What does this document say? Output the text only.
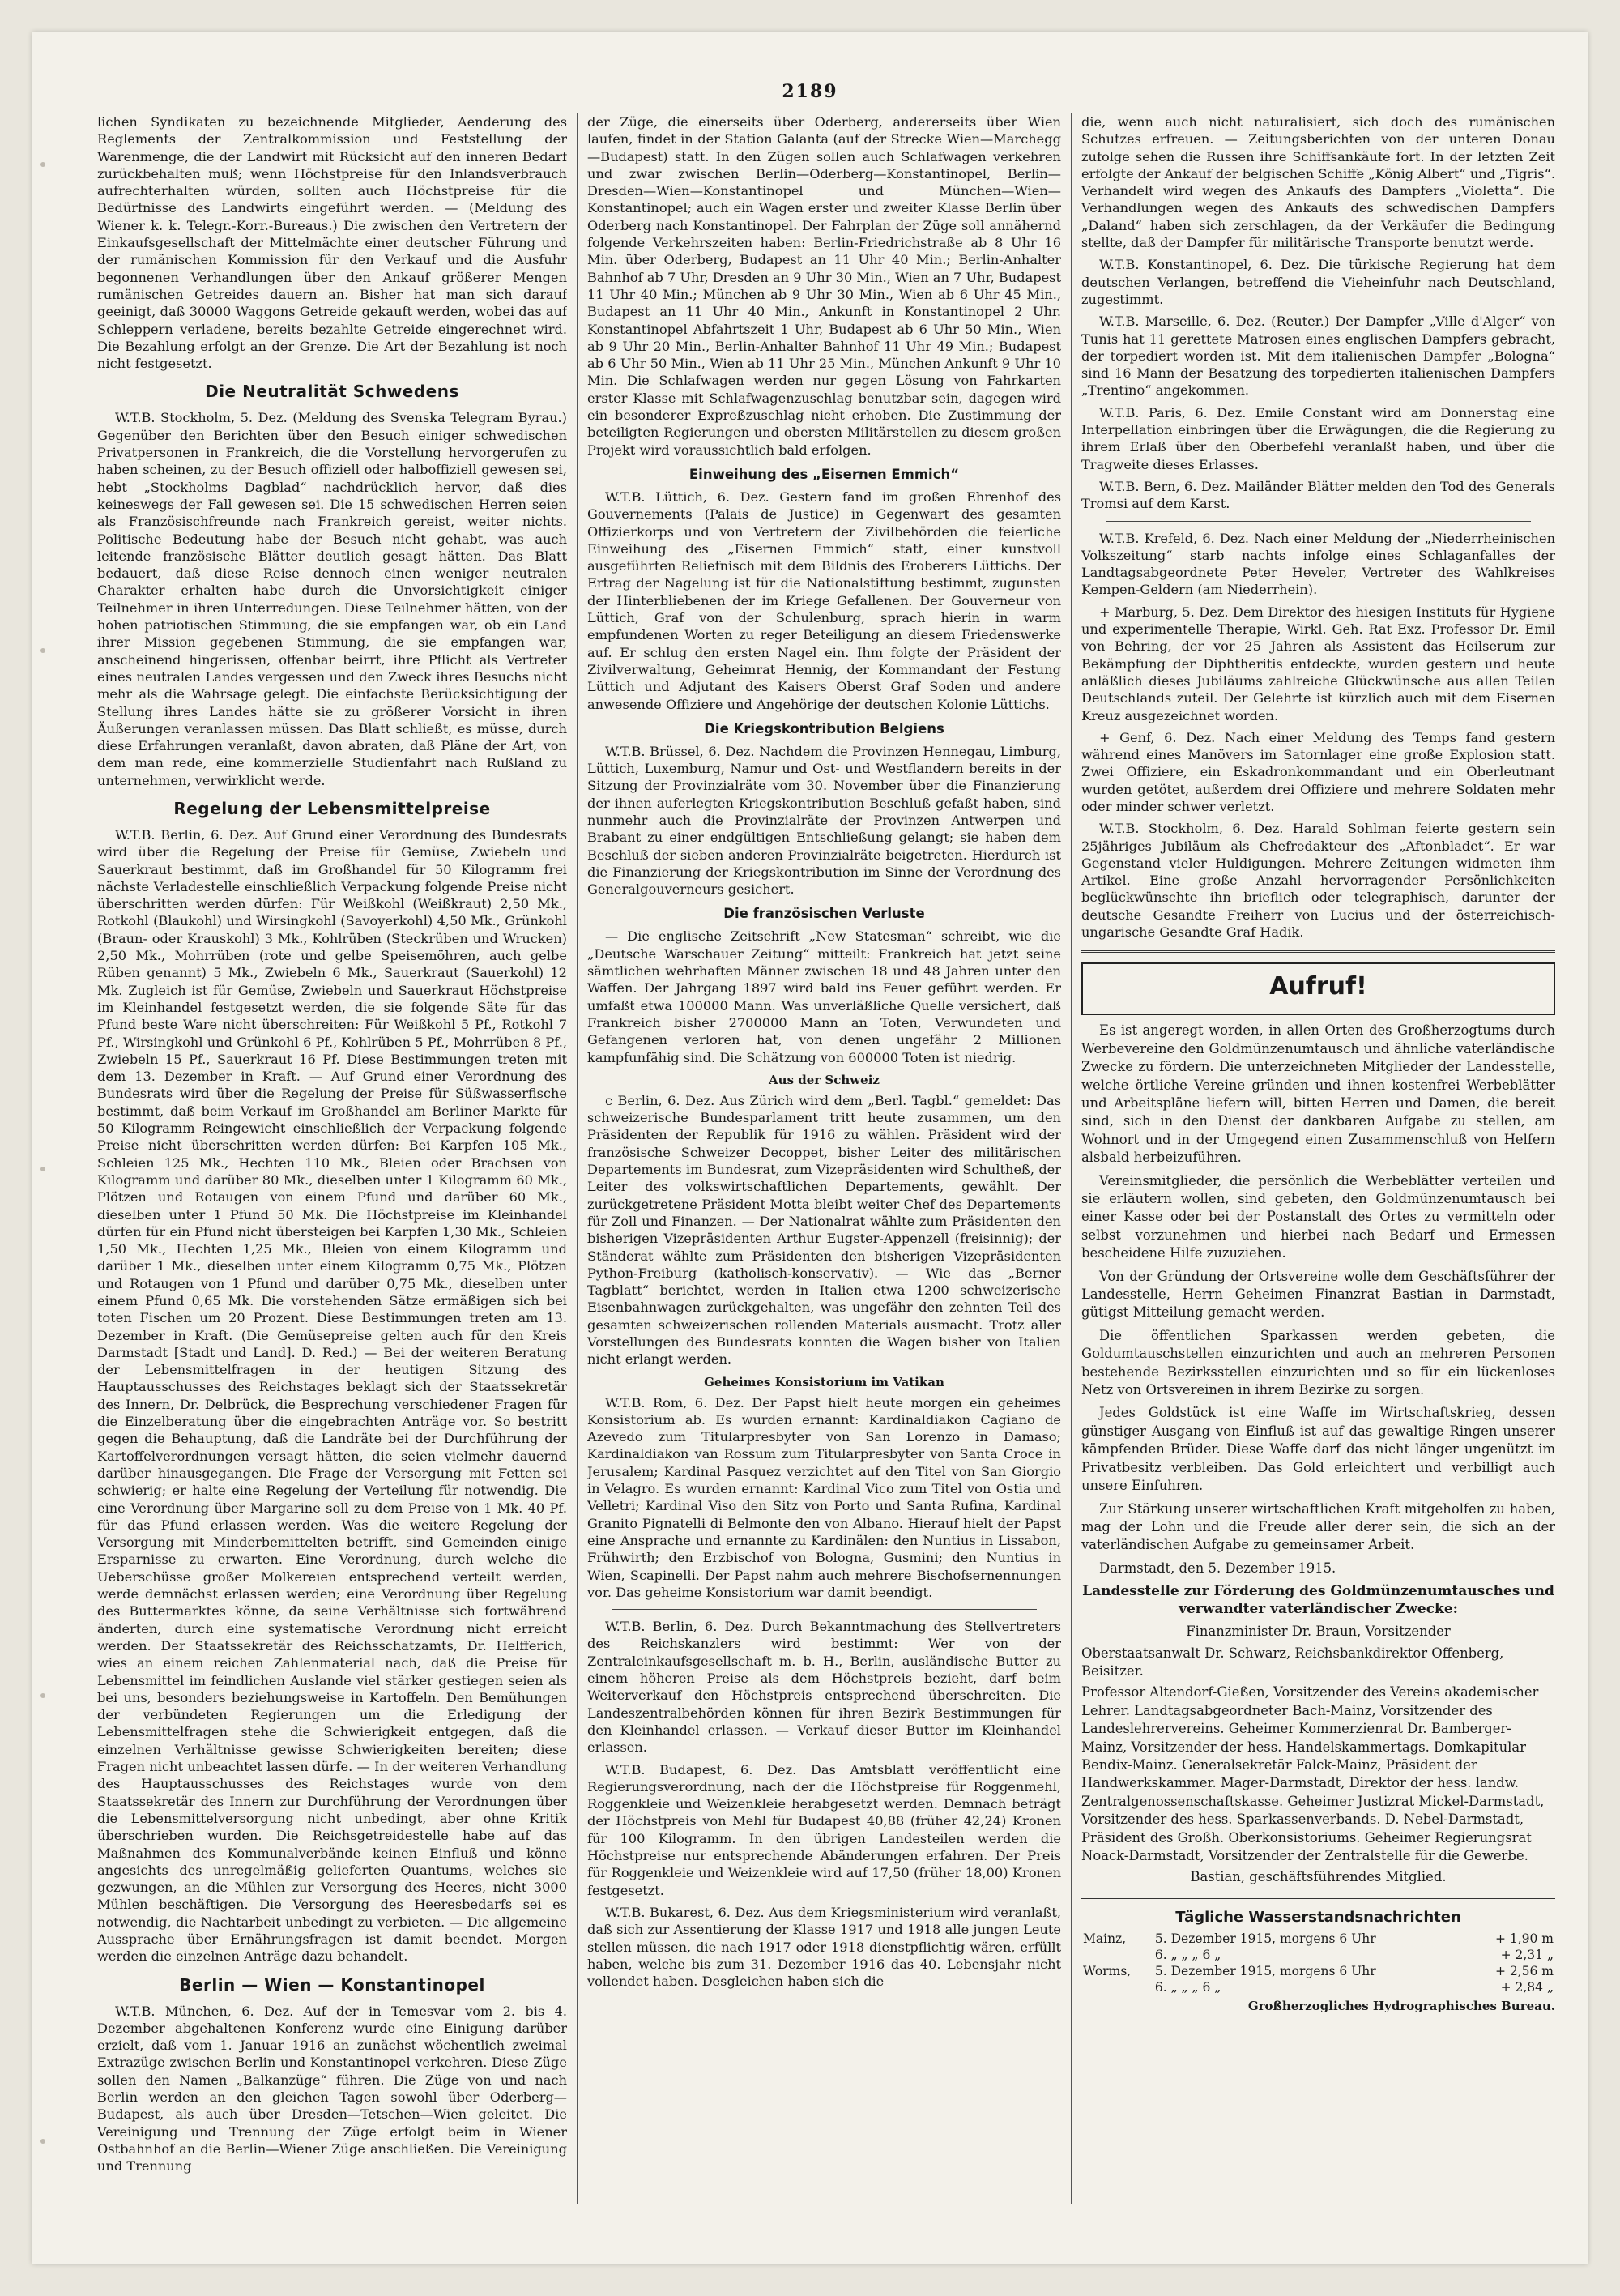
2189

lichen Syndikaten zu bezeichnende Mitglieder, Aenderung des Reglements der Zentralkommission und Feststellung der Warenmenge, die der Landwirt mit Rücksicht auf den inneren Bedarf zurückbehalten muß; wenn Höchstpreise für den Inlandsverbrauch aufrechterhalten würden, sollten auch Höchstpreise für die Bedürfnisse des Landwirts eingeführt werden. — (Meldung des Wiener k. k. Telegr.-Korr.-Bureaus.) Die zwischen den Vertretern der Einkaufsgesellschaft der Mittelmächte einer deutscher Führung und der rumänischen Kommission für den Verkauf und die Ausfuhr begonnenen Verhandlungen über den Ankauf größerer Mengen rumänischen Getreides dauern an. Bisher hat man sich darauf geeinigt, daß 30000 Waggons Getreide gekauft werden, wobei das auf Schleppern verladene, bereits bezahlte Getreide eingerechnet wird. Die Bezahlung erfolgt an der Grenze. Die Art der Bezahlung ist noch nicht festgesetzt.

Die Neutralität Schwedens

W.T.B. Stockholm, 5. Dez. (Meldung des Svenska Telegram Byrau.) Gegenüber den Berichten über den Besuch einiger schwedischen Privatpersonen in Frankreich, die die Vorstellung hervorgerufen zu haben scheinen, zu der Besuch offiziell oder halboffiziell gewesen sei, hebt „Stockholms Dagblad“ nachdrücklich hervor, daß dies keineswegs der Fall gewesen sei. Die 15 schwedischen Herren seien als Französischfreunde nach Frankreich gereist, weiter nichts. Politische Bedeutung habe der Besuch nicht gehabt, was auch leitende französische Blätter deutlich gesagt hätten. Das Blatt bedauert, daß diese Reise dennoch einen weniger neutralen Charakter erhalten habe durch die Unvorsichtigkeit einiger Teilnehmer in ihren Unterredungen. Diese Teilnehmer hätten, von der hohen patriotischen Stimmung, die sie empfangen war, ob ein Land ihrer Mission gegebenen Stimmung, die sie empfangen war, anscheinend hingerissen, offenbar beirrt, ihre Pflicht als Vertreter eines neutralen Landes vergessen und den Zweck ihres Besuchs nicht mehr als die Wahrsage gelegt. Die einfachste Berücksichtigung der Stellung ihres Landes hätte sie zu größerer Vorsicht in ihren Äußerungen veranlassen müssen. Das Blatt schließt, es müsse, durch diese Erfahrungen veranlaßt, davon abraten, daß Pläne der Art, von dem man rede, eine kommerzielle Studienfahrt nach Rußland zu unternehmen, verwirklicht werde.

Regelung der Lebensmittelpreise

W.T.B. Berlin, 6. Dez. Auf Grund einer Verordnung des Bundesrats wird über die Regelung der Preise für Gemüse, Zwiebeln und Sauerkraut bestimmt, daß im Großhandel für 50 Kilogramm frei nächste Verladestelle einschließlich Verpackung folgende Preise nicht überschritten werden dürfen: Für Weißkohl (Weißkraut) 2,50 Mk., Rotkohl (Blaukohl) und Wirsingkohl (Savoyerkohl) 4,50 Mk., Grünkohl (Braun- oder Krauskohl) 3 Mk., Kohlrüben (Steckrüben und Wrucken) 2,50 Mk., Mohrrüben (rote und gelbe Speisemöhren, auch gelbe Rüben genannt) 5 Mk., Zwiebeln 6 Mk., Sauerkraut (Sauerkohl) 12 Mk. Zugleich ist für Gemüse, Zwiebeln und Sauerkraut Höchstpreise im Kleinhandel festgesetzt werden, die sie folgende Säte für das Pfund beste Ware nicht überschreiten: Für Weißkohl 5 Pf., Rotkohl 7 Pf., Wirsingkohl und Grünkohl 6 Pf., Kohlrüben 5 Pf., Mohrrüben 8 Pf., Zwiebeln 15 Pf., Sauerkraut 16 Pf. Diese Bestimmungen treten mit dem 13. Dezember in Kraft. — Auf Grund einer Verordnung des Bundesrats wird über die Regelung der Preise für Süßwasserfische bestimmt, daß beim Verkauf im Großhandel am Berliner Markte für 50 Kilogramm Reingewicht einschließlich der Verpackung folgende Preise nicht überschritten werden dürfen: Bei Karpfen 105 Mk., Schleien 125 Mk., Hechten 110 Mk., Bleien oder Brachsen von Kilogramm und darüber 80 Mk., dieselben unter 1 Kilogramm 60 Mk., Plötzen und Rotaugen von einem Pfund und darüber 60 Mk., dieselben unter 1 Pfund 50 Mk. Die Höchstpreise im Kleinhandel dürfen für ein Pfund nicht übersteigen bei Karpfen 1,30 Mk., Schleien 1,50 Mk., Hechten 1,25 Mk., Bleien von einem Kilogramm und darüber 1 Mk., dieselben unter einem Kilogramm 0,75 Mk., Plötzen und Rotaugen von 1 Pfund und darüber 0,75 Mk., dieselben unter einem Pfund 0,65 Mk. Die vorstehenden Sätze ermäßigen sich bei toten Fischen um 20 Prozent. Diese Bestimmungen treten am 13. Dezember in Kraft. (Die Gemüsepreise gelten auch für den Kreis Darmstadt [Stadt und Land]. D. Red.) — Bei der weiteren Beratung der Lebensmittelfragen in der heutigen Sitzung des Hauptausschusses des Reichstages beklagt sich der Staatssekretär des Innern, Dr. Delbrück, die Besprechung verschiedener Fragen für die Einzelberatung über die eingebrachten Anträge vor. So bestritt gegen die Behauptung, daß die Landräte bei der Durchführung der Kartoffelverordnungen versagt hätten, die seien vielmehr dauernd darüber hinausgegangen. Die Frage der Versorgung mit Fetten sei schwierig; er halte eine Regelung der Verteilung für notwendig. Die eine Verordnung über Margarine soll zu dem Preise von 1 Mk. 40 Pf. für das Pfund erlassen werden. Was die weitere Regelung der Versorgung mit Minderbemittelten betrifft, sind Gemeinden einige Ersparnisse zu erwarten. Eine Verordnung, durch welche die Ueberschüsse großer Molkereien entsprechend verteilt werden, werde demnächst erlassen werden; eine Verordnung über Regelung des Buttermarktes könne, da seine Verhältnisse sich fortwährend änderten, durch eine systematische Verordnung nicht erreicht werden. Der Staatssekretär des Reichsschatzamts, Dr. Helfferich, wies an einem reichen Zahlenmaterial nach, daß die Preise für Lebensmittel im feindlichen Auslande viel stärker gestiegen seien als bei uns, besonders beziehungsweise in Kartoffeln. Den Bemühungen der verbündeten Regierungen um die Erledigung der Lebensmittelfragen stehe die Schwierigkeit entgegen, daß die einzelnen Verhältnisse gewisse Schwierigkeiten bereiten; diese Fragen nicht unbeachtet lassen dürfe. — In der weiteren Verhandlung des Hauptausschusses des Reichstages wurde von dem Staatssekretär des Innern zur Durchführung der Verordnungen über die Lebensmittelversorgung nicht unbedingt, aber ohne Kritik überschrieben wurden. Die Reichsgetreidestelle habe auf das Maßnahmen des Kommunalverbände keinen Einfluß und könne angesichts des unregelmäßig gelieferten Quantums, welches sie gezwungen, an die Mühlen zur Versorgung des Heeres, nicht 3000 Mühlen beschäftigen. Die Versorgung des Heeresbedarfs sei es notwendig, die Nachtarbeit unbedingt zu verbieten. — Die allgemeine Aussprache über Ernährungsfragen ist damit beendet. Morgen werden die einzelnen Anträge dazu behandelt.

Berlin — Wien — Konstantinopel

W.T.B. München, 6. Dez. Auf der in Temesvar vom 2. bis 4. Dezember abgehaltenen Konferenz wurde eine Einigung darüber erzielt, daß vom 1. Januar 1916 an zunächst wöchentlich zweimal Extrazüge zwischen Berlin und Konstantinopel verkehren. Diese Züge sollen den Namen „Balkanzüge“ führen. Die Züge von und nach Berlin werden an den gleichen Tagen sowohl über Oderberg—Budapest, als auch über Dresden—Tetschen—Wien geleitet. Die Vereinigung und Trennung der Züge erfolgt beim in Wiener Ostbahnhof an die Berlin—Wiener Züge anschließen. Die Vereinigung und Trennung

der Züge, die einerseits über Oderberg, andererseits über Wien laufen, findet in der Station Galanta (auf der Strecke Wien—Marchegg—Budapest) statt. In den Zügen sollen auch Schlafwagen verkehren und zwar zwischen Berlin—Oderberg—Konstantinopel, Berlin—Dresden—Wien—Konstantinopel und München—Wien—Konstantinopel; auch ein Wagen erster und zweiter Klasse Berlin über Oderberg nach Konstantinopel. Der Fahrplan der Züge soll annähernd folgende Verkehrszeiten haben: Berlin-Friedrichstraße ab 8 Uhr 16 Min. über Oderberg, Budapest an 11 Uhr 40 Min.; Berlin-Anhalter Bahnhof ab 7 Uhr, Dresden an 9 Uhr 30 Min., Wien an 7 Uhr, Budapest 11 Uhr 40 Min.; München ab 9 Uhr 30 Min., Wien ab 6 Uhr 45 Min., Budapest an 11 Uhr 40 Min., Ankunft in Konstantinopel 2 Uhr. Konstantinopel Abfahrtszeit 1 Uhr, Budapest ab 6 Uhr 50 Min., Wien ab 9 Uhr 20 Min., Berlin-Anhalter Bahnhof 11 Uhr 49 Min.; Budapest ab 6 Uhr 50 Min., Wien ab 11 Uhr 25 Min., München Ankunft 9 Uhr 10 Min. Die Schlafwagen werden nur gegen Lösung von Fahrkarten erster Klasse mit Schlafwagenzuschlag benutzbar sein, dagegen wird ein besonderer Expreßzuschlag nicht erhoben. Die Zustimmung der beteiligten Regierungen und obersten Militärstellen zu diesem großen Projekt wird voraussichtlich bald erfolgen.

Einweihung des „Eisernen Emmich“

W.T.B. Lüttich, 6. Dez. Gestern fand im großen Ehrenhof des Gouvernements (Palais de Justice) in Gegenwart des gesamten Offizierkorps und von Vertretern der Zivilbehörden die feierliche Einweihung des „Eisernen Emmich“ statt, einer kunstvoll ausgeführten Reliefnisch mit dem Bildnis des Eroberers Lüttichs. Der Ertrag der Nagelung ist für die Nationalstiftung bestimmt, zugunsten der Hinterbliebenen der im Kriege Gefallenen. Der Gouverneur von Lüttich, Graf von der Schulenburg, sprach hierin in warm empfundenen Worten zu reger Beteiligung an diesem Friedenswerke auf. Er schlug den ersten Nagel ein. Ihm folgte der Präsident der Zivilverwaltung, Geheimrat Hennig, der Kommandant der Festung Lüttich und Adjutant des Kaisers Oberst Graf Soden und andere anwesende Offiziere und Angehörige der deutschen Kolonie Lüttichs.

Die Kriegskontribution Belgiens

W.T.B. Brüssel, 6. Dez. Nachdem die Provinzen Hennegau, Limburg, Lüttich, Luxemburg, Namur und Ost- und Westflandern bereits in der Sitzung der Provinzialräte vom 30. November über die Finanzierung der ihnen auferlegten Kriegskontribution Beschluß gefaßt haben, sind nunmehr auch die Provinzialräte der Provinzen Antwerpen und Brabant zu einer endgültigen Entschließung gelangt; sie haben dem Beschluß der sieben anderen Provinzialräte beigetreten. Hierdurch ist die Finanzierung der Kriegskontribution im Sinne der Verordnung des Generalgouverneurs gesichert.

Die französischen Verluste

— Die englische Zeitschrift „New Statesman“ schreibt, wie die „Deutsche Warschauer Zeitung“ mitteilt: Frankreich hat jetzt seine sämtlichen wehrhaften Männer zwischen 18 und 48 Jahren unter den Waffen. Der Jahrgang 1897 wird bald ins Feuer geführt werden. Er umfaßt etwa 100000 Mann. Was unverläßliche Quelle versichert, daß Frankreich bisher 2700000 Mann an Toten, Verwundeten und Gefangenen verloren hat, von denen ungefähr 2 Millionen kampfunfähig sind. Die Schätzung von 600000 Toten ist niedrig.

Aus der Schweiz

c Berlin, 6. Dez. Aus Zürich wird dem „Berl. Tagbl.“ gemeldet: Das schweizerische Bundesparlament tritt heute zusammen, um den Präsidenten der Republik für 1916 zu wählen. Präsident wird der französische Schweizer Decoppet, bisher Leiter des militärischen Departements im Bundesrat, zum Vizepräsidenten wird Schultheß, der Leiter des volkswirtschaftlichen Departements, gewählt. Der zurückgetretene Präsident Motta bleibt weiter Chef des Departements für Zoll und Finanzen. — Der Nationalrat wählte zum Präsidenten den bisherigen Vizepräsidenten Arthur Eugster-Appenzell (freisinnig); der Ständerat wählte zum Präsidenten den bisherigen Vizepräsidenten Python-Freiburg (katholisch-konservativ). — Wie das „Berner Tagblatt“ berichtet, werden in Italien etwa 1200 schweizerische Eisenbahnwagen zurückgehalten, was ungefähr den zehnten Teil des gesamten schweizerischen rollenden Materials ausmacht. Trotz aller Vorstellungen des Bundesrats konnten die Wagen bisher von Italien nicht erlangt werden.

Geheimes Konsistorium im Vatikan

W.T.B. Rom, 6. Dez. Der Papst hielt heute morgen ein geheimes Konsistorium ab. Es wurden ernannt: Kardinaldiakon Cagiano de Azevedo zum Titularpresbyter von San Lorenzo in Damaso; Kardinaldiakon van Rossum zum Titularpresbyter von Santa Croce in Jerusalem; Kardinal Pasquez verzichtet auf den Titel von San Giorgio in Velagro. Es wurden ernannt: Kardinal Vico zum Titel von Ostia und Velletri; Kardinal Viso den Sitz von Porto und Santa Rufina, Kardinal Granito Pignatelli di Belmonte den von Albano. Hierauf hielt der Papst eine Ansprache und ernannte zu Kardinälen: den Nuntius in Lissabon, Frühwirth; den Erzbischof von Bologna, Gusmini; den Nuntius in Wien, Scapinelli. Der Papst nahm auch mehrere Bischofsernennungen vor. Das geheime Konsistorium war damit beendigt.

W.T.B. Berlin, 6. Dez. Durch Bekanntmachung des Stellvertreters des Reichskanzlers wird bestimmt: Wer von der Zentraleinkaufsgesellschaft m. b. H., Berlin, ausländische Butter zu einem höheren Preise als dem Höchstpreis bezieht, darf beim Weiterverkauf den Höchstpreis entsprechend überschreiten. Die Landeszentralbehörden können für ihren Bezirk Bestimmungen für den Kleinhandel erlassen. — Verkauf dieser Butter im Kleinhandel erlassen.

W.T.B. Budapest, 6. Dez. Das Amtsblatt veröffentlicht eine Regierungsverordnung, nach der die Höchstpreise für Roggenmehl, Roggenkleie und Weizenkleie herabgesetzt werden. Demnach beträgt der Höchstpreis von Mehl für Budapest 40,88 (früher 42,24) Kronen für 100 Kilogramm. In den übrigen Landesteilen werden die Höchstpreise nur entsprechende Abänderungen erfahren. Der Preis für Roggenkleie und Weizenkleie wird auf 17,50 (früher 18,00) Kronen festgesetzt.

W.T.B. Bukarest, 6. Dez. Aus dem Kriegsministerium wird veranlaßt, daß sich zur Assentierung der Klasse 1917 und 1918 alle jungen Leute stellen müssen, die nach 1917 oder 1918 dienstpflichtig wären, erfüllt haben, welche bis zum 31. Dezember 1916 das 40. Lebensjahr nicht vollendet haben. Desgleichen haben sich die

die, wenn auch nicht naturalisiert, sich doch des rumänischen Schutzes erfreuen. — Zeitungsberichten von der unteren Donau zufolge sehen die Russen ihre Schiffsankäufe fort. In der letzten Zeit erfolgte der Ankauf der belgischen Schiffe „König Albert“ und „Tigris“. Verhandelt wird wegen des Ankaufs des Dampfers „Violetta“. Die Verhandlungen wegen des Ankaufs des schwedischen Dampfers „Daland“ haben sich zerschlagen, da der Verkäufer die Bedingung stellte, daß der Dampfer für militärische Transporte benutzt werde.

W.T.B. Konstantinopel, 6. Dez. Die türkische Regierung hat dem deutschen Verlangen, betreffend die Vieheinfuhr nach Deutschland, zugestimmt.

W.T.B. Marseille, 6. Dez. (Reuter.) Der Dampfer „Ville d'Alger“ von Tunis hat 11 gerettete Matrosen eines englischen Dampfers gebracht, der torpediert worden ist. Mit dem italienischen Dampfer „Bologna“ sind 16 Mann der Besatzung des torpedierten italienischen Dampfers „Trentino“ angekommen.

W.T.B. Paris, 6. Dez. Emile Constant wird am Donnerstag eine Interpellation einbringen über die Erwägungen, die die Regierung zu ihrem Erlaß über den Oberbefehl veranlaßt haben, und über die Tragweite dieses Erlasses.

W.T.B. Bern, 6. Dez. Mailänder Blätter melden den Tod des Generals Tromsi auf dem Karst.

W.T.B. Krefeld, 6. Dez. Nach einer Meldung der „Niederrheinischen Volkszeitung“ starb nachts infolge eines Schlaganfalles der Landtagsabgeordnete Peter Heveler, Vertreter des Wahlkreises Kempen-Geldern (am Niederrhein).

+ Marburg, 5. Dez. Dem Direktor des hiesigen Instituts für Hygiene und experimentelle Therapie, Wirkl. Geh. Rat Exz. Professor Dr. Emil von Behring, der vor 25 Jahren als Assistent das Heilserum zur Bekämpfung der Diphtheritis entdeckte, wurden gestern und heute anläßlich dieses Jubiläums zahlreiche Glückwünsche aus allen Teilen Deutschlands zuteil. Der Gelehrte ist kürzlich auch mit dem Eisernen Kreuz ausgezeichnet worden.

+ Genf, 6. Dez. Nach einer Meldung des Temps fand gestern während eines Manövers im Satornlager eine große Explosion statt. Zwei Offiziere, ein Eskadronkommandant und ein Oberleutnant wurden getötet, außerdem drei Offiziere und mehrere Soldaten mehr oder minder schwer verletzt.

W.T.B. Stockholm, 6. Dez. Harald Sohlman feierte gestern sein 25jähriges Jubiläum als Chefredakteur des „Aftonbladet“. Er war Gegenstand vieler Huldigungen. Mehrere Zeitungen widmeten ihm Artikel. Eine große Anzahl hervorragender Persönlichkeiten beglückwünschte ihn brieflich oder telegraphisch, darunter der deutsche Gesandte Freiherr von Lucius und der österreichisch-ungarische Gesandte Graf Hadik.

Aufruf!

Es ist angeregt worden, in allen Orten des Großherzogtums durch Werbevereine den Goldmünzenumtausch und ähnliche vaterländische Zwecke zu fördern. Die unterzeichneten Mitglieder der Landesstelle, welche örtliche Vereine gründen und ihnen kostenfrei Werbeblätter und Arbeitspläne liefern will, bitten Herren und Damen, die bereit sind, sich in den Dienst der dankbaren Aufgabe zu stellen, am Wohnort und in der Umgegend einen Zusammenschluß von Helfern alsbald herbeizuführen.

Vereinsmitglieder, die persönlich die Werbeblätter verteilen und sie erläutern wollen, sind gebeten, den Goldmünzenumtausch bei einer Kasse oder bei der Postanstalt des Ortes zu vermitteln oder selbst vorzunehmen und hierbei nach Bedarf und Ermessen bescheidene Hilfe zuzuziehen.

Von der Gründung der Ortsvereine wolle dem Geschäftsführer der Landesstelle, Herrn Geheimen Finanzrat Bastian in Darmstadt, gütigst Mitteilung gemacht werden.

Die öffentlichen Sparkassen werden gebeten, die Goldumtauschstellen einzurichten und auch an mehreren Personen bestehende Bezirksstellen einzurichten und so für ein lückenloses Netz von Ortsvereinen in ihrem Bezirke zu sorgen.

Jedes Goldstück ist eine Waffe im Wirtschaftskrieg, dessen günstiger Ausgang von Einfluß ist auf das gewaltige Ringen unserer kämpfenden Brüder. Diese Waffe darf das nicht länger ungenützt im Privatbesitz verbleiben. Das Gold erleichtert und verbilligt auch unsere Einfuhren.

Zur Stärkung unserer wirtschaftlichen Kraft mitgeholfen zu haben, mag der Lohn und die Freude aller derer sein, die sich an der vaterländischen Aufgabe zu gemeinsamer Arbeit.

Darmstadt, den 5. Dezember 1915.

Landesstelle zur Förderung des Goldmünzenumtausches und verwandter vaterländischer Zwecke:

Finanzminister Dr. Braun, Vorsitzender

Oberstaatsanwalt Dr. Schwarz, Reichsbankdirektor Offenberg, Beisitzer.

Professor Altendorf-Gießen, Vorsitzender des Vereins akademischer Lehrer. Landtagsabgeordneter Bach-Mainz, Vorsitzender des Landeslehrervereins. Geheimer Kommerzienrat Dr. Bamberger-Mainz, Vorsitzender der hess. Handelskammertags. Domkapitular Bendix-Mainz. Generalsekretär Falck-Mainz, Präsident der Handwerkskammer. Mager-Darmstadt, Direktor der hess. landw. Zentralgenossenschaftskasse. Geheimer Justizrat Mickel-Darmstadt, Vorsitzender des hess. Sparkassenverbands. D. Nebel-Darmstadt, Präsident des Großh. Oberkonsistoriums. Geheimer Regierungsrat Noack-Darmstadt, Vorsitzender der Zentralstelle für die Gewerbe.

Bastian, geschäftsführendes Mitglied.

Tägliche Wasserstandsnachrichten
Mainz,	5. Dezember 1915, morgens 6 Uhr	+ 1,90 m
	6. „ „ „ 6 „	+ 2,31 „
Worms,	5. Dezember 1915, morgens 6 Uhr	+ 2,56 m
	6. „ „ „ 6 „	+ 2,84 „
Großherzogliches Hydrographisches Bureau.
